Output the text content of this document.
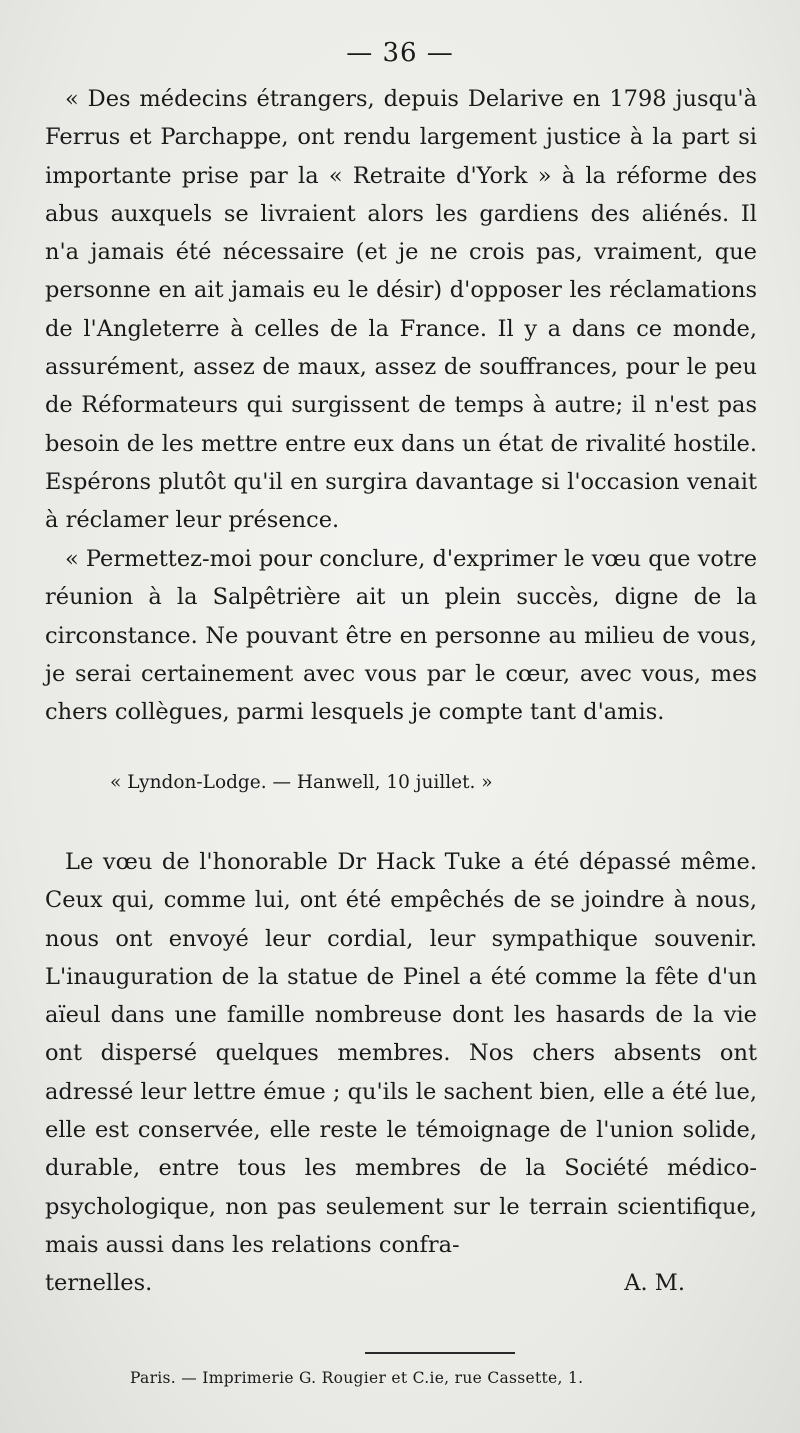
— 36 —
« Des médecins étrangers, depuis Delarive en 1798 jusqu'à Ferrus et Parchappe, ont rendu largement justice à la part si importante prise par la « Retraite d'York » à la réforme des abus auxquels se livraient alors les gardiens des aliénés. Il n'a jamais été nécessaire (et je ne crois pas, vraiment, que personne en ait jamais eu le désir) d'opposer les réclamations de l'Angleterre à celles de la France. Il y a dans ce monde, assurément, assez de maux, assez de souffrances, pour le peu de Réformateurs qui surgissent de temps à autre; il n'est pas besoin de les mettre entre eux dans un état de rivalité hostile. Espérons plutôt qu'il en surgira davantage si l'occasion venait à réclamer leur présence.
« Permettez-moi pour conclure, d'exprimer le vœu que votre réunion à la Salpêtrière ait un plein succès, digne de la circonstance. Ne pouvant être en personne au milieu de vous, je serai certainement avec vous par le cœur, avec vous, mes chers collègues, parmi lesquels je compte tant d'amis.
« Lyndon-Lodge. — Hanwell, 10 juillet. »
Le vœu de l'honorable Dr Hack Tuke a été dépassé même. Ceux qui, comme lui, ont été empêchés de se joindre à nous, nous ont envoyé leur cordial, leur sympathique souvenir. L'inauguration de la statue de Pinel a été comme la fête d'un aïeul dans une famille nombreuse dont les hasards de la vie ont dispersé quelques membres. Nos chers absents ont adressé leur lettre émue ; qu'ils le sachent bien, elle a été lue, elle est conservée, elle reste le témoignage de l'union solide, durable, entre tous les membres de la Société médico-psychologique, non pas seulement sur le terrain scientifique, mais aussi dans les relations confra-
ternelles.	A. M.
Paris. — Imprimerie G. Rougier et C.ie, rue Cassette, 1.
